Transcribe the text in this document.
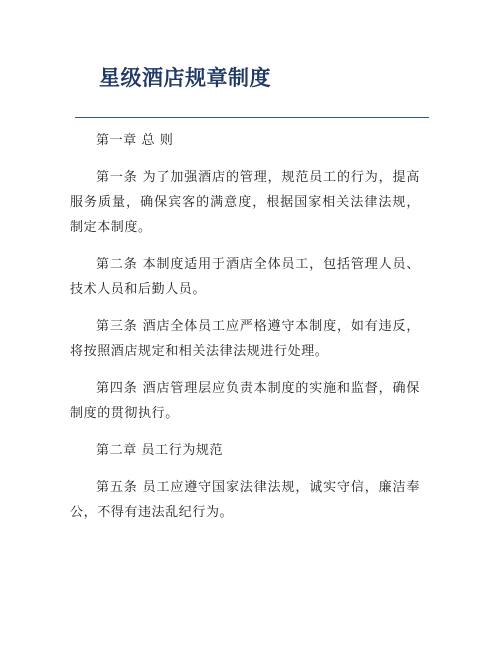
星级酒店规章制度

第一章 总 则

第一条 为了加强酒店的管理，规范员工的行为，提高服务质量，确保宾客的满意度，根据国家相关法律法规，制定本制度。

第二条 本制度适用于酒店全体员工，包括管理人员、技术人员和后勤人员。

第三条 酒店全体员工应严格遵守本制度，如有违反，将按照酒店规定和相关法律法规进行处理。

第四条 酒店管理层应负责本制度的实施和监督，确保制度的贯彻执行。

第二章 员工行为规范

第五条 员工应遵守国家法律法规，诚实守信，廉洁奉公，不得有违法乱纪行为。
